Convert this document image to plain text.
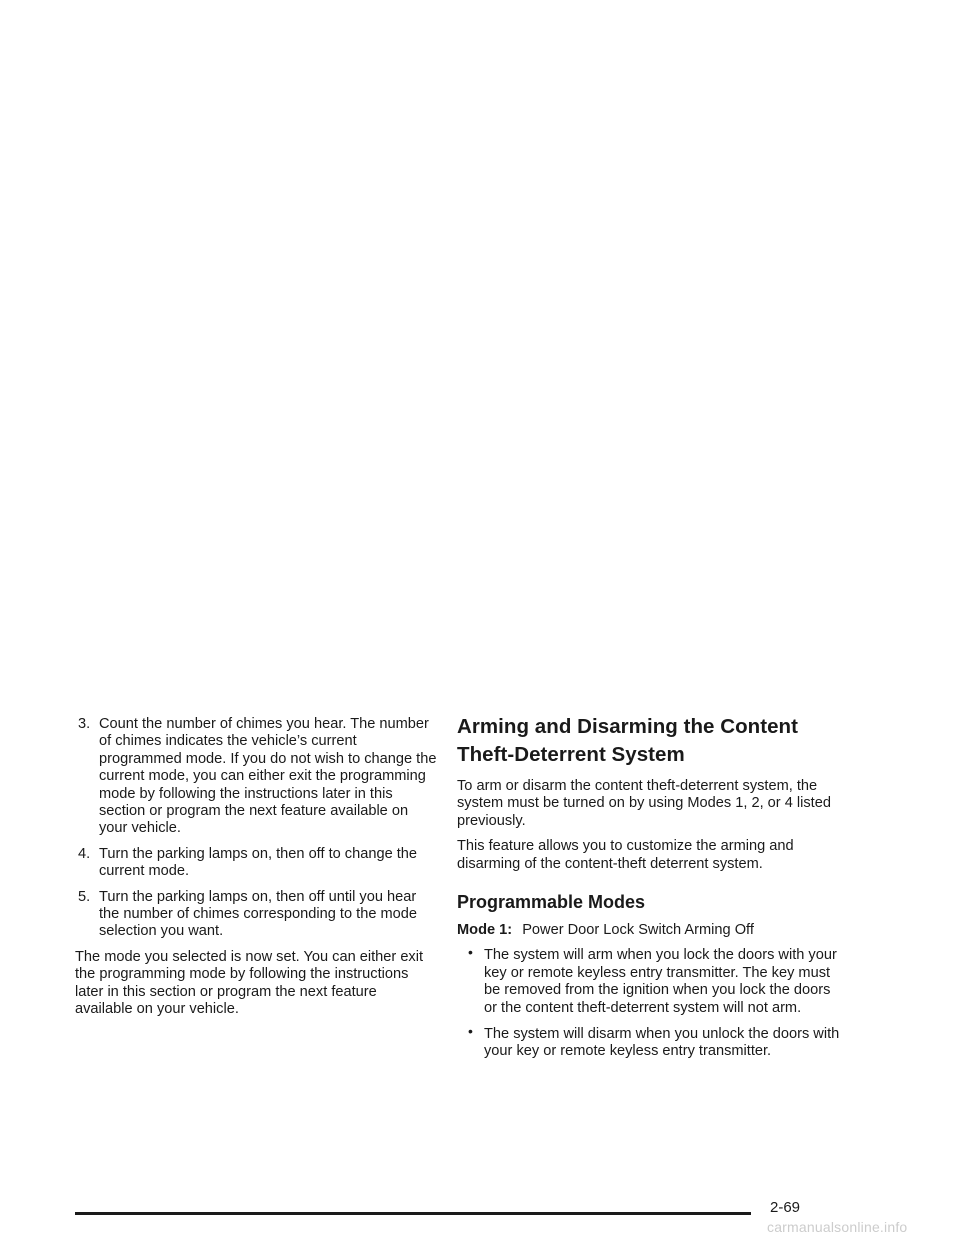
3. Count the number of chimes you hear. The number of chimes indicates the vehicle’s current programmed mode. If you do not wish to change the current mode, you can either exit the programming mode by following the instructions later in this section or program the next feature available on your vehicle.
4. Turn the parking lamps on, then off to change the current mode.
5. Turn the parking lamps on, then off until you hear the number of chimes corresponding to the mode selection you want.

The mode you selected is now set. You can either exit the programming mode by following the instructions later in this section or program the next feature available on your vehicle.

Arming and Disarming the Content Theft-Deterrent System

To arm or disarm the content theft-deterrent system, the system must be turned on by using Modes 1, 2, or 4 listed previously.

This feature allows you to customize the arming and disarming of the content-theft deterrent system.

Programmable Modes
Mode 1: Power Door Lock Switch Arming Off
• The system will arm when you lock the doors with your key or remote keyless entry transmitter. The key must be removed from the ignition when you lock the doors or the content theft-deterrent system will not arm.
• The system will disarm when you unlock the doors with your key or remote keyless entry transmitter.
2-69
carmanualsonline.info
